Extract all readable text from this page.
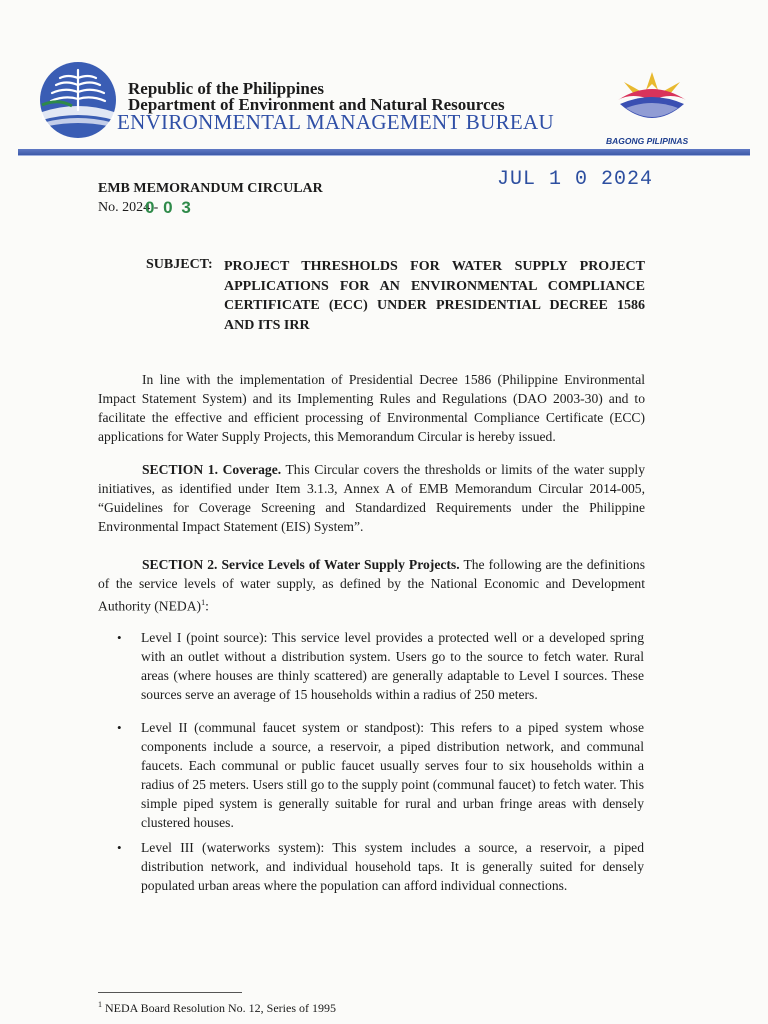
Republic of the Philippines
Department of Environment and Natural Resources
ENVIRONMENTAL MANAGEMENT BUREAU
BAGONG PILIPINAS
EMB MEMORANDUM CIRCULAR
No. 2024 -
0 0 3
JUL 1 0 2024
SUBJECT: PROJECT THRESHOLDS FOR WATER SUPPLY PROJECT APPLICATIONS FOR AN ENVIRONMENTAL COMPLIANCE CERTIFICATE (ECC) UNDER PRESIDENTIAL DECREE 1586 AND ITS IRR
In line with the implementation of Presidential Decree 1586 (Philippine Environmental Impact Statement System) and its Implementing Rules and Regulations (DAO 2003-30) and to facilitate the effective and efficient processing of Environmental Compliance Certificate (ECC) applications for Water Supply Projects, this Memorandum Circular is hereby issued.
SECTION 1. Coverage. This Circular covers the thresholds or limits of the water supply initiatives, as identified under Item 3.1.3, Annex A of EMB Memorandum Circular 2014-005, “Guidelines for Coverage Screening and Standardized Requirements under the Philippine Environmental Impact Statement (EIS) System”.
SECTION 2. Service Levels of Water Supply Projects. The following are the definitions of the service levels of water supply, as defined by the National Economic and Development Authority (NEDA)$^1$:
•	Level I (point source): This service level provides a protected well or a developed spring with an outlet without a distribution system. Users go to the source to fetch water. Rural areas (where houses are thinly scattered) are generally adaptable to Level I sources. These sources serve an average of 15 households within a radius of 250 meters.
•	Level II (communal faucet system or standpost): This refers to a piped system whose components include a source, a reservoir, a piped distribution network, and communal faucets. Each communal or public faucet usually serves four to six households within a radius of 25 meters. Users still go to the supply point (communal faucet) to fetch water. This simple piped system is generally suitable for rural and urban fringe areas with densely clustered houses.
•	Level III (waterworks system): This system includes a source, a reservoir, a piped distribution network, and individual household taps. It is generally suited for densely populated urban areas where the population can afford individual connections.
$^1$ NEDA Board Resolution No. 12, Series of 1995
